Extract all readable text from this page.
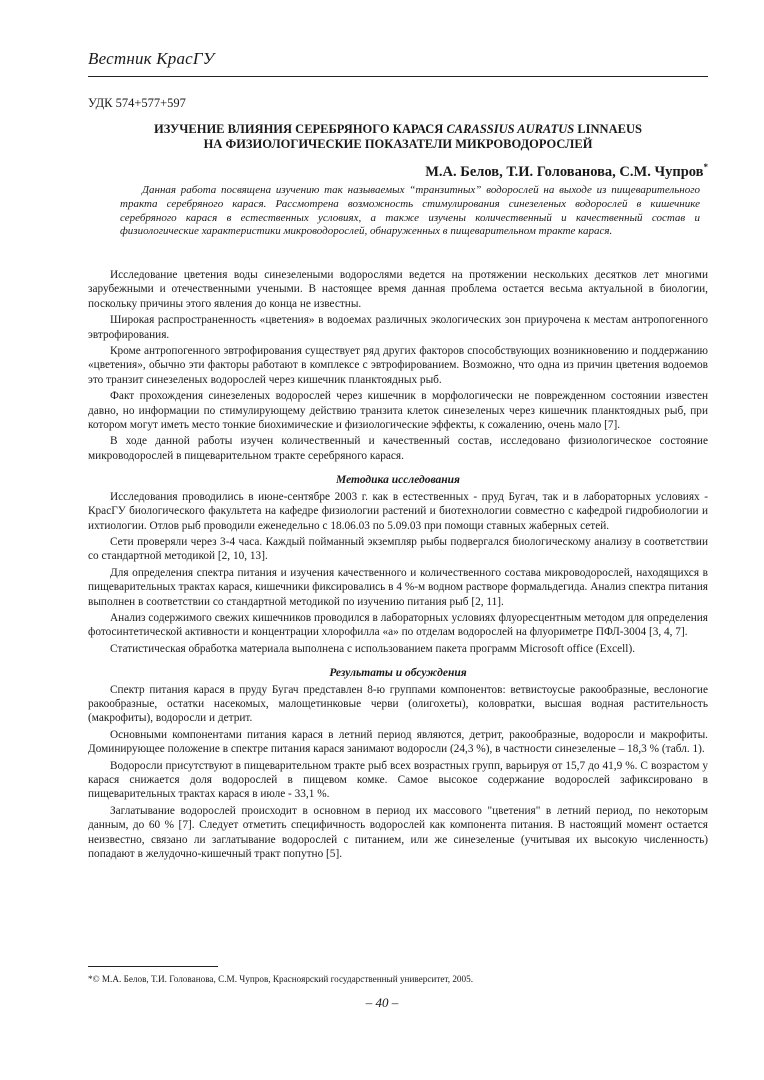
Вестник КрасГУ
УДК 574+577+597
ИЗУЧЕНИЕ ВЛИЯНИЯ СЕРЕБРЯНОГО КАРАСЯ CARASSIUS AURATUS LINNAEUS
НА ФИЗИОЛОГИЧЕСКИЕ ПОКАЗАТЕЛИ МИКРОВОДОРОСЛЕЙ
М.А. Белов, Т.И. Голованова, С.М. Чупров*
Данная работа посвящена изучению так называемых “транзитных” водорослей на выходе из пищеварительного тракта серебряного карася. Рассмотрена возможность стимулирования синезеленых водорослей в кишечнике серебряного карася в естественных условиях, а также изучены количественный и качественный состав и физиологические характеристики микроводорослей, обнаруженных в пищеварительном тракте карася.

Исследование цветения воды синезелеными водорослями ведется на протяжении нескольких десятков лет многими зарубежными и отечественными учеными. В настоящее время данная проблема остается весьма актуальной в биологии, поскольку причины этого явления до конца не известны.

Широкая распространенность «цветения» в водоемах различных экологических зон приурочена к местам антропогенного эвтрофирования.

Кроме антропогенного эвтрофирования существует ряд других факторов способствующих возникновению и поддержанию «цветения», обычно эти факторы работают в комплексе с эвтрофированием. Возможно, что одна из причин цветения водоемов это транзит синезеленых водорослей через кишечник планктоядных рыб.

Факт прохождения синезеленых водорослей через кишечник в морфологически не поврежденном состоянии известен давно, но информации по стимулирующему действию транзита клеток синезеленых через кишечник планктоядных рыб, при котором могут иметь место тонкие биохимические и физиологические эффекты, к сожалению, очень мало [7].

В ходе данной работы изучен количественный и качественный состав, исследовано физиологическое состояние микроводорослей в пищеварительном тракте серебряного карася.

Методика исследования

Исследования проводились в июне-сентябре 2003 г. как в естественных - пруд Бугач, так и в лабораторных условиях - КрасГУ биологического факультета на кафедре физиологии растений и биотехнологии совместно с кафедрой гидробиологии и ихтиологии. Отлов рыб проводили еженедельно с 18.06.03 по 5.09.03 при помощи ставных жаберных сетей.

Сети проверяли через 3-4 часа. Каждый пойманный экземпляр рыбы подвергался биологическому анализу в соответствии со стандартной методикой [2, 10, 13].

Для определения спектра питания и изучения качественного и количественного состава микроводорослей, находящихся в пищеварительных трактах карася, кишечники фиксировались в 4 %-м водном растворе формальдегида. Анализ спектра питания выполнен в соответствии со стандартной методикой по изучению питания рыб [2, 11].

Анализ содержимого свежих кишечников проводился в лабораторных условиях флуоресцентным методом для определения фотосинтетической активности и концентрации хлорофилла «а» по отделам водорослей на флуориметре ПФЛ-3004 [3, 4, 7].

Статистическая обработка материала выполнена с использованием пакета программ Microsoft office (Excell).

Результаты и обсуждения

Спектр питания карася в пруду Бугач представлен 8-ю группами компонентов: ветвистоусые ракообразные, веслоногие ракообразные, остатки насекомых, малощетинковые черви (олигохеты), коловратки, высшая водная растительность (макрофиты), водоросли и детрит.

Основными компонентами питания карася в летний период являются, детрит, ракообразные, водоросли и макрофиты. Доминирующее положение в спектре питания карася занимают водоросли (24,3 %), в частности синезеленые – 18,3 % (табл. 1).

Водоросли присутствуют в пищеварительном тракте рыб всех возрастных групп, варьируя от 15,7 до 41,9 %. С возрастом у карася снижается доля водорослей в пищевом комке. Самое высокое содержание водорослей зафиксировано в пищеварительных трактах карася в июле - 33,1 %.

Заглатывание водорослей происходит в основном в период их массового "цветения" в летний период, по некоторым данным, до 60 % [7]. Следует отметить специфичность водорослей как компонента питания. В настоящий момент остается неизвестно, связано ли заглатывание водорослей с питанием, или же синезеленые (учитывая их высокую численность) попадают в желудочно-кишечный тракт попутно [5].

*© М.А. Белов, Т.И. Голованова, С.М. Чупров, Красноярский государственный университет, 2005.
– 40 –
